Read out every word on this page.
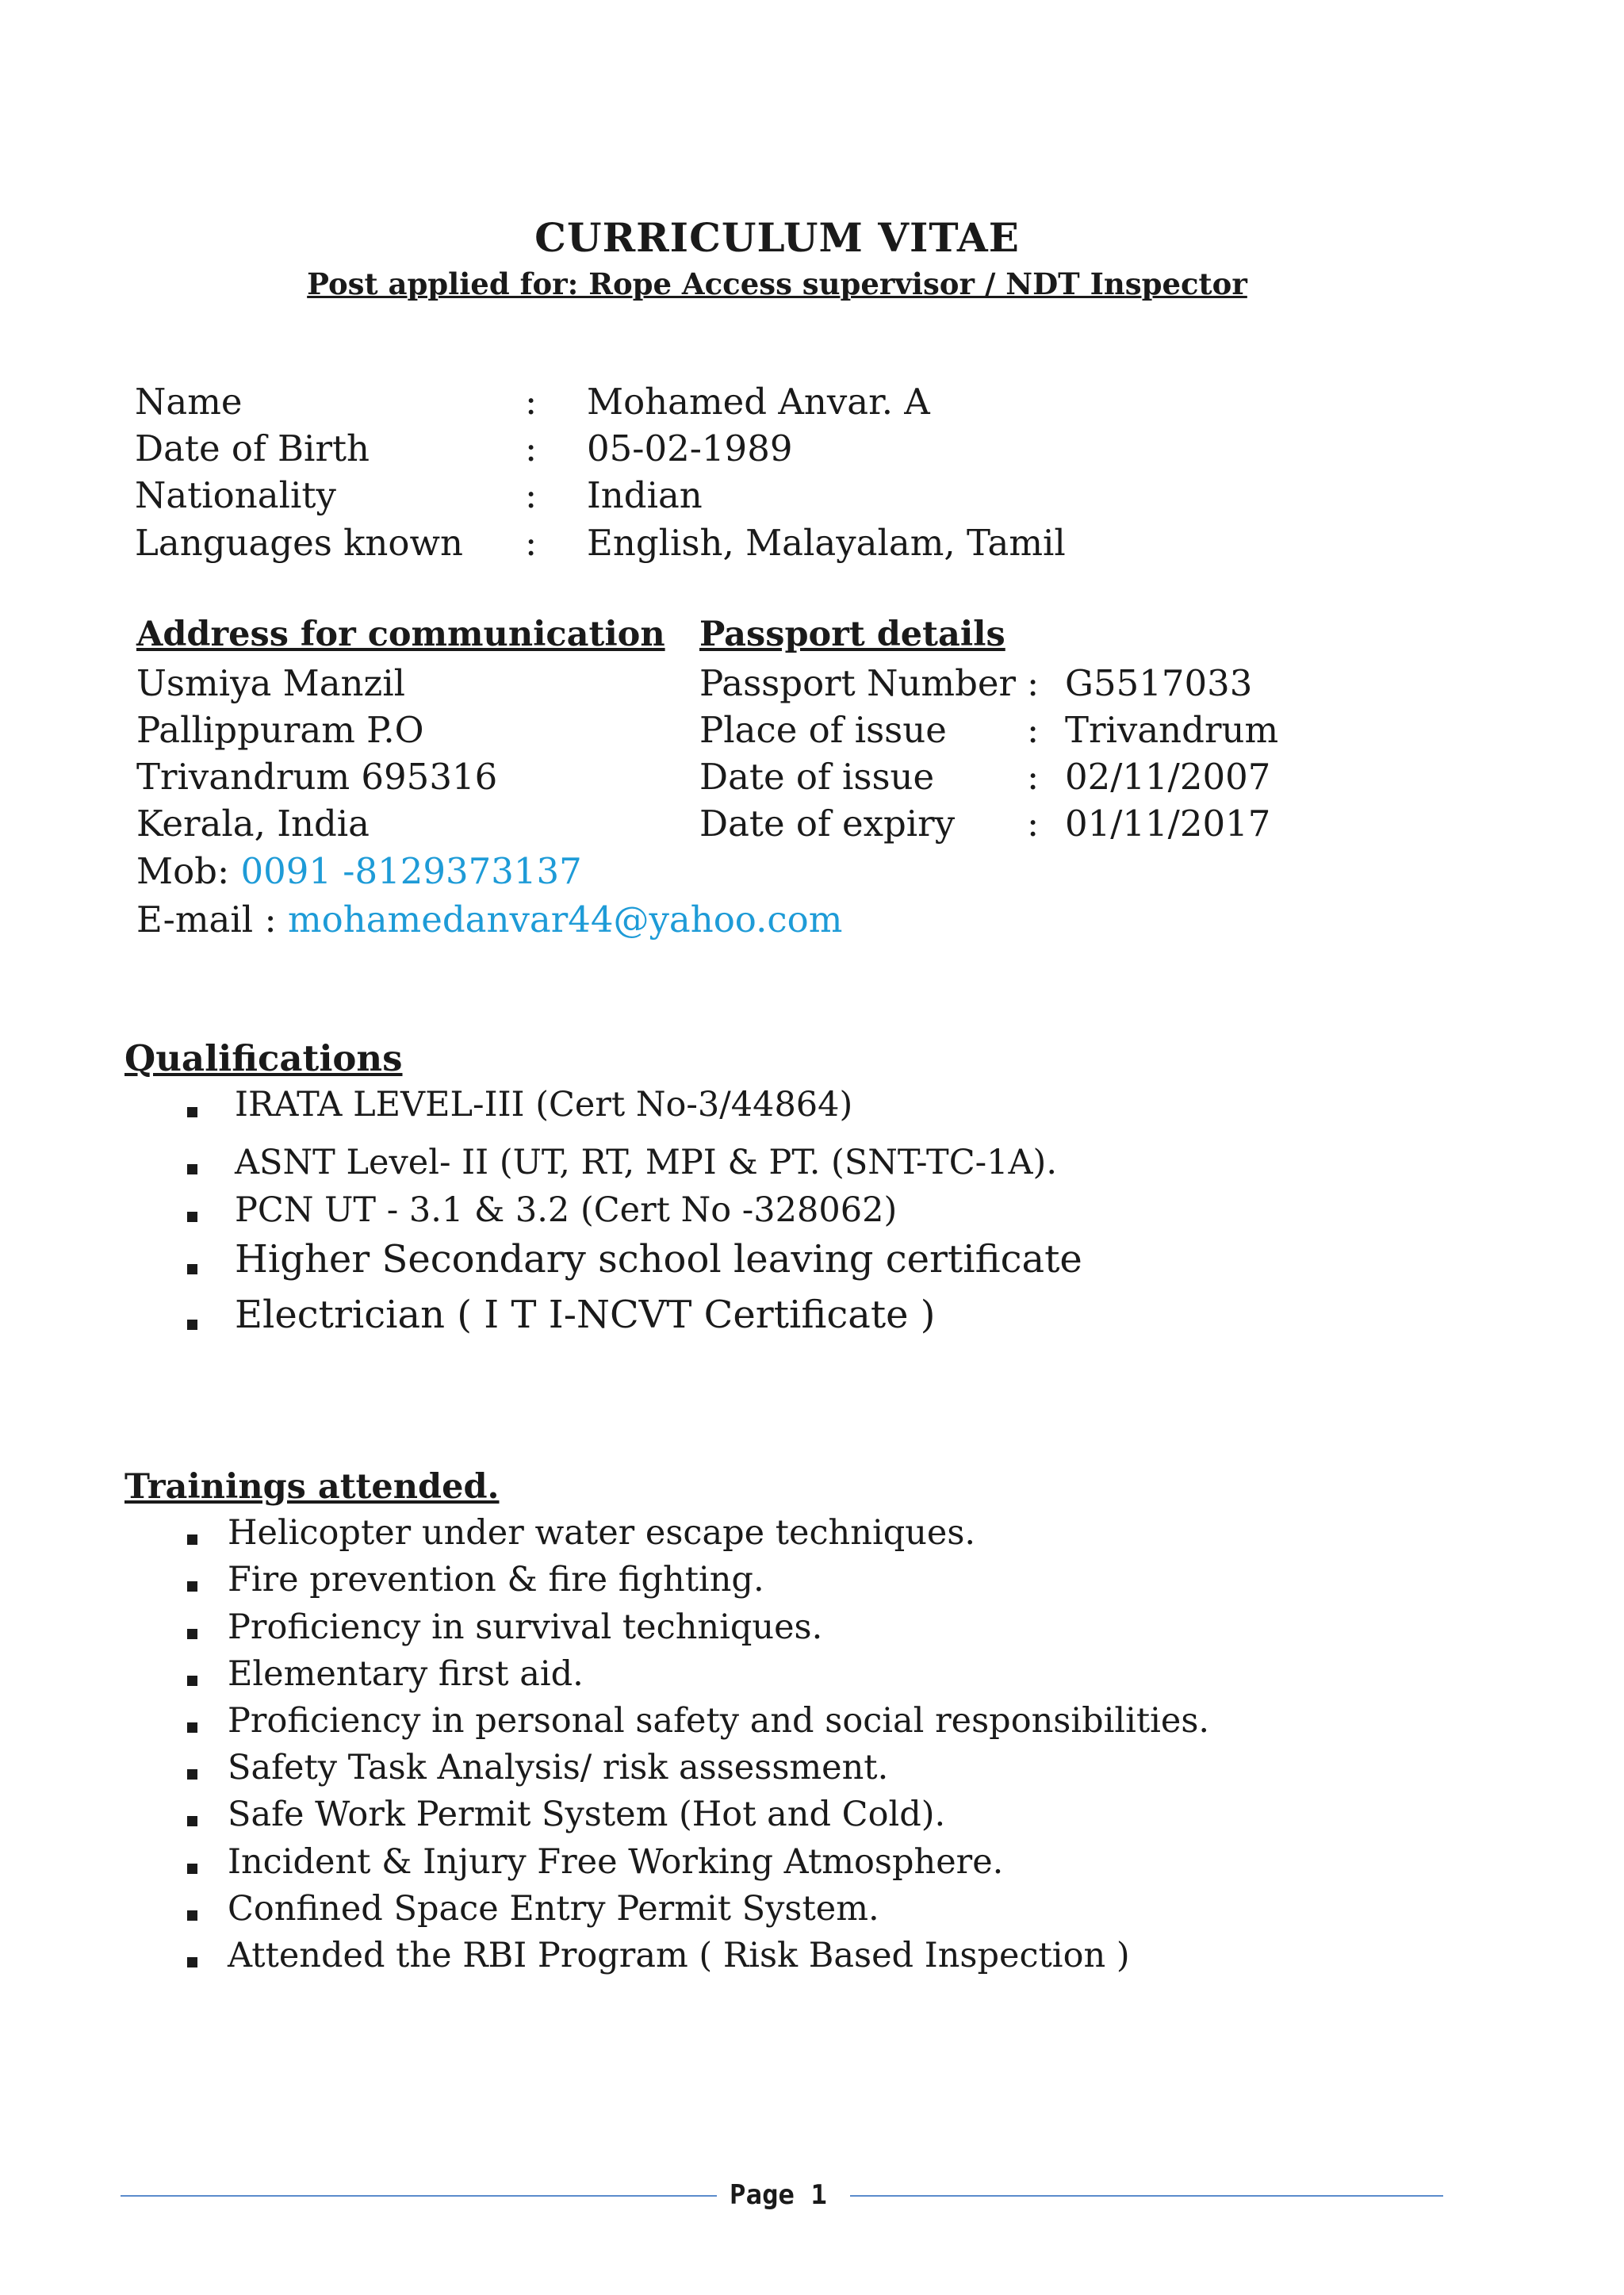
CURRICULUM VITAE
Post applied for: Rope Access supervisor / NDT Inspector
Name	: Mohamed Anvar. A
Date of Birth	: 05-02-1989
Nationality	: Indian
Languages known : English, Malayalam, Tamil
Address for communication
Usmiya Manzil
Pallippuram P.O
Trivandrum 695316
Kerala, India
Mob: 0091 -8129373137
E-mail : mohamedanvar44@yahoo.com
Passport details
Passport Number : G5517033
Place of issue : Trivandrum
Date of issue	: 02/11/2007
Date of expiry : 01/11/2017
Qualifications
IRATA LEVEL-III (Cert No-3/44864)
ASNT Level- II (UT, RT, MPI & PT. (SNT-TC-1A).
PCN UT - 3.1 & 3.2 (Cert No -328062)
Higher Secondary school leaving certificate
Electrician ( I T I-NCVT Certificate )
Trainings attended.
Helicopter under water escape techniques.
Fire prevention & fire fighting.
Proficiency in survival techniques.
Elementary first aid.
Proficiency in personal safety and social responsibilities.
Safety Task Analysis/ risk assessment.
Safe Work Permit System (Hot and Cold).
Incident & Injury Free Working Atmosphere.
Confined Space Entry Permit System.
Attended the RBI Program ( Risk Based Inspection )
Page 1
